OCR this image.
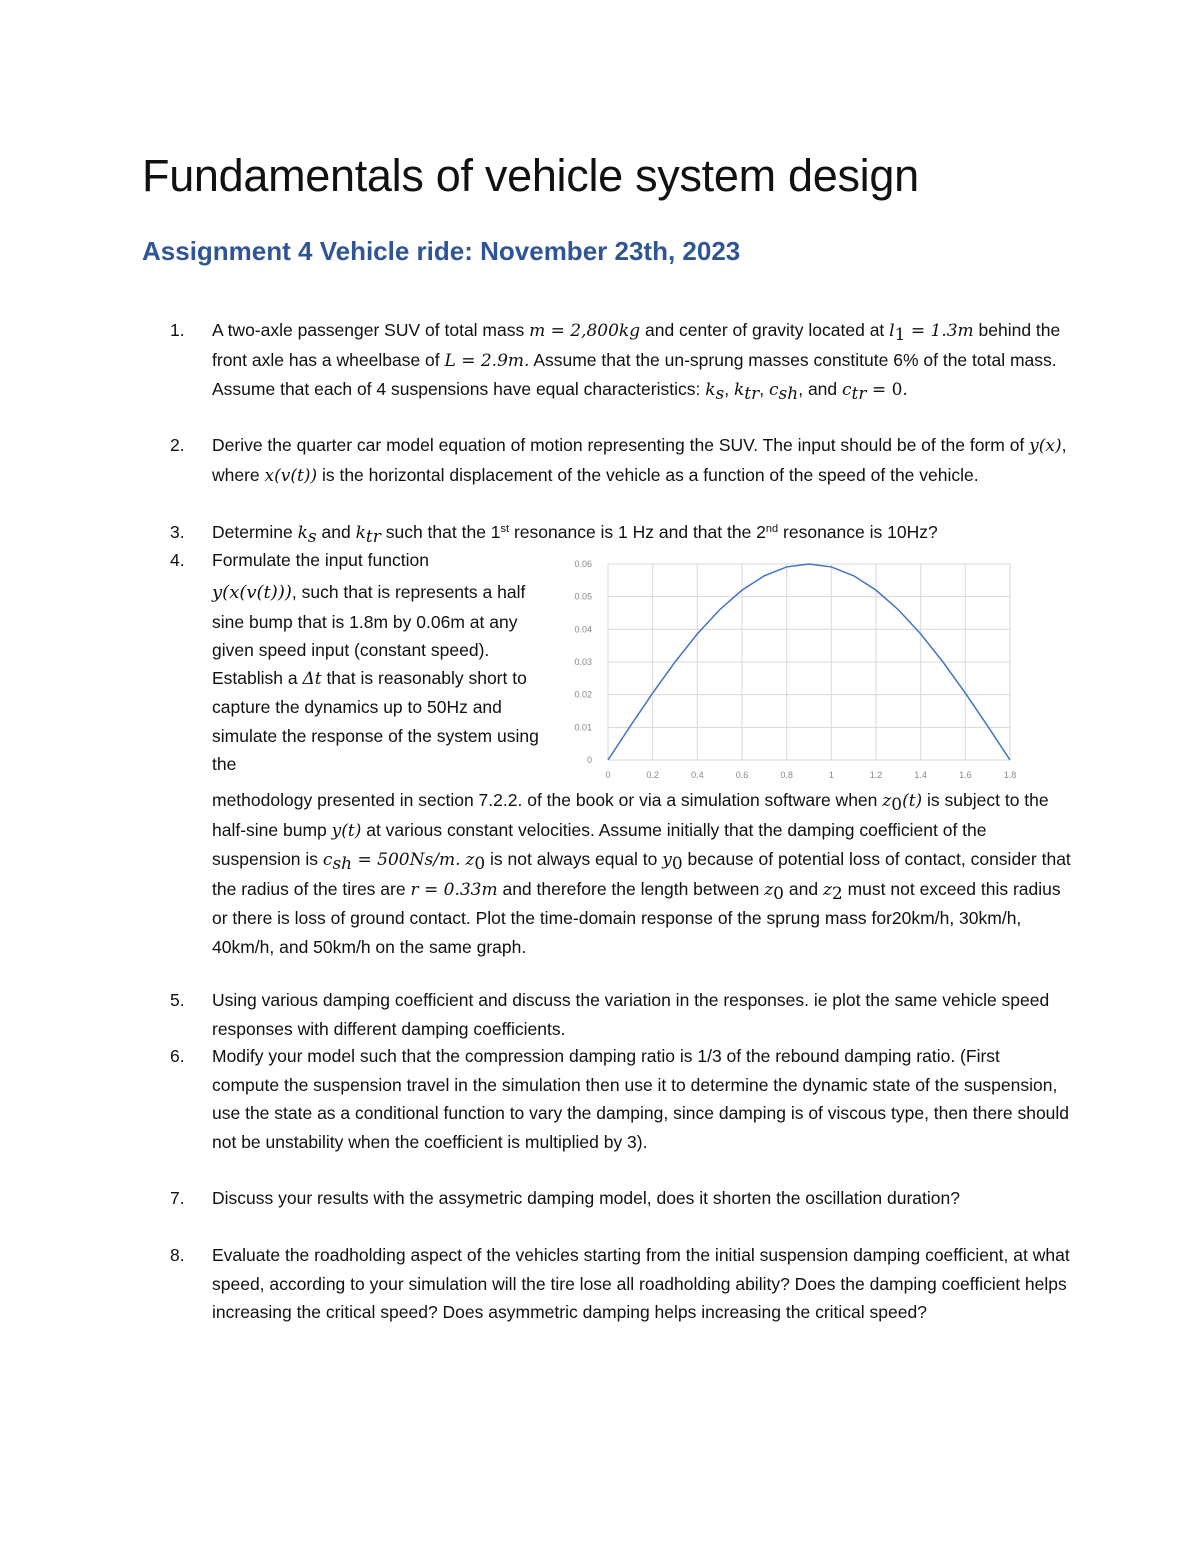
Fundamentals of vehicle system design
Assignment 4 Vehicle ride: November 23th, 2023
1.	A two-axle passenger SUV of total mass m = 2,800kg and center of gravity located at $l_1 = 1.3m$ behind the front axle has a wheelbase of L = 2.9m. Assume that the un-sprung masses constitute 6% of the total mass. Assume that each of 4 suspensions have equal characteristics: $k_s$, $k_{tr}$, $c_{sh}$, and $c_{tr} = 0$.
2.	Derive the quarter car model equation of motion representing the SUV. The input should be of the form of y(x), where x(v(t)) is the horizontal displacement of the vehicle as a function of the speed of the vehicle.
3.	Determine $k_s$ and $k_{tr}$ such that the 1st resonance is 1 Hz and that the 2nd resonance is 10Hz?
4.	Formulate the input function
y(x(v(t))), such that is represents a half sine bump that is 1.8m by 0.06m at any given speed input (constant speed). Establish a Δt that is reasonably short to capture the dynamics up to 50Hz and simulate the response of the system using the	0
0.01
0.02
0.03
0.04
0.05
0.06
0	0.2	0.4	0.6	0.8	1	1.2	1.4	1.6	1.8
methodology presented in section 7.2.2. of the book or via a simulation software when $z_0(t)$ is subject to the half-sine bump y(t) at various constant velocities. Assume initially that the damping coefficient of the suspension is $c_{sh} = 500Ns/m$. $z_0$ is not always equal to $y_0$ because of potential loss of contact, consider that the radius of the tires are r = 0.33m and therefore the length between $z_0$ and $z_2$ must not exceed this radius or there is loss of ground contact. Plot the time-domain response of the sprung mass for20km/h, 30km/h, 40km/h, and 50km/h on the same graph.
5.	Using various damping coefficient and discuss the variation in the responses. ie plot the same vehicle speed responses with different damping coefficients.
6.	Modify your model such that the compression damping ratio is 1/3 of the rebound damping ratio. (First compute the suspension travel in the simulation then use it to determine the dynamic state of the suspension, use the state as a conditional function to vary the damping, since damping is of viscous type, then there should not be unstability when the coefficient is multiplied by 3).
7.	Discuss your results with the assymetric damping model, does it shorten the oscillation duration?
8.	Evaluate the roadholding aspect of the vehicles starting from the initial suspension damping coefficient, at what speed, according to your simulation will the tire lose all roadholding ability? Does the damping coefficient helps increasing the critical speed? Does asymmetric damping helps increasing the critical speed?
